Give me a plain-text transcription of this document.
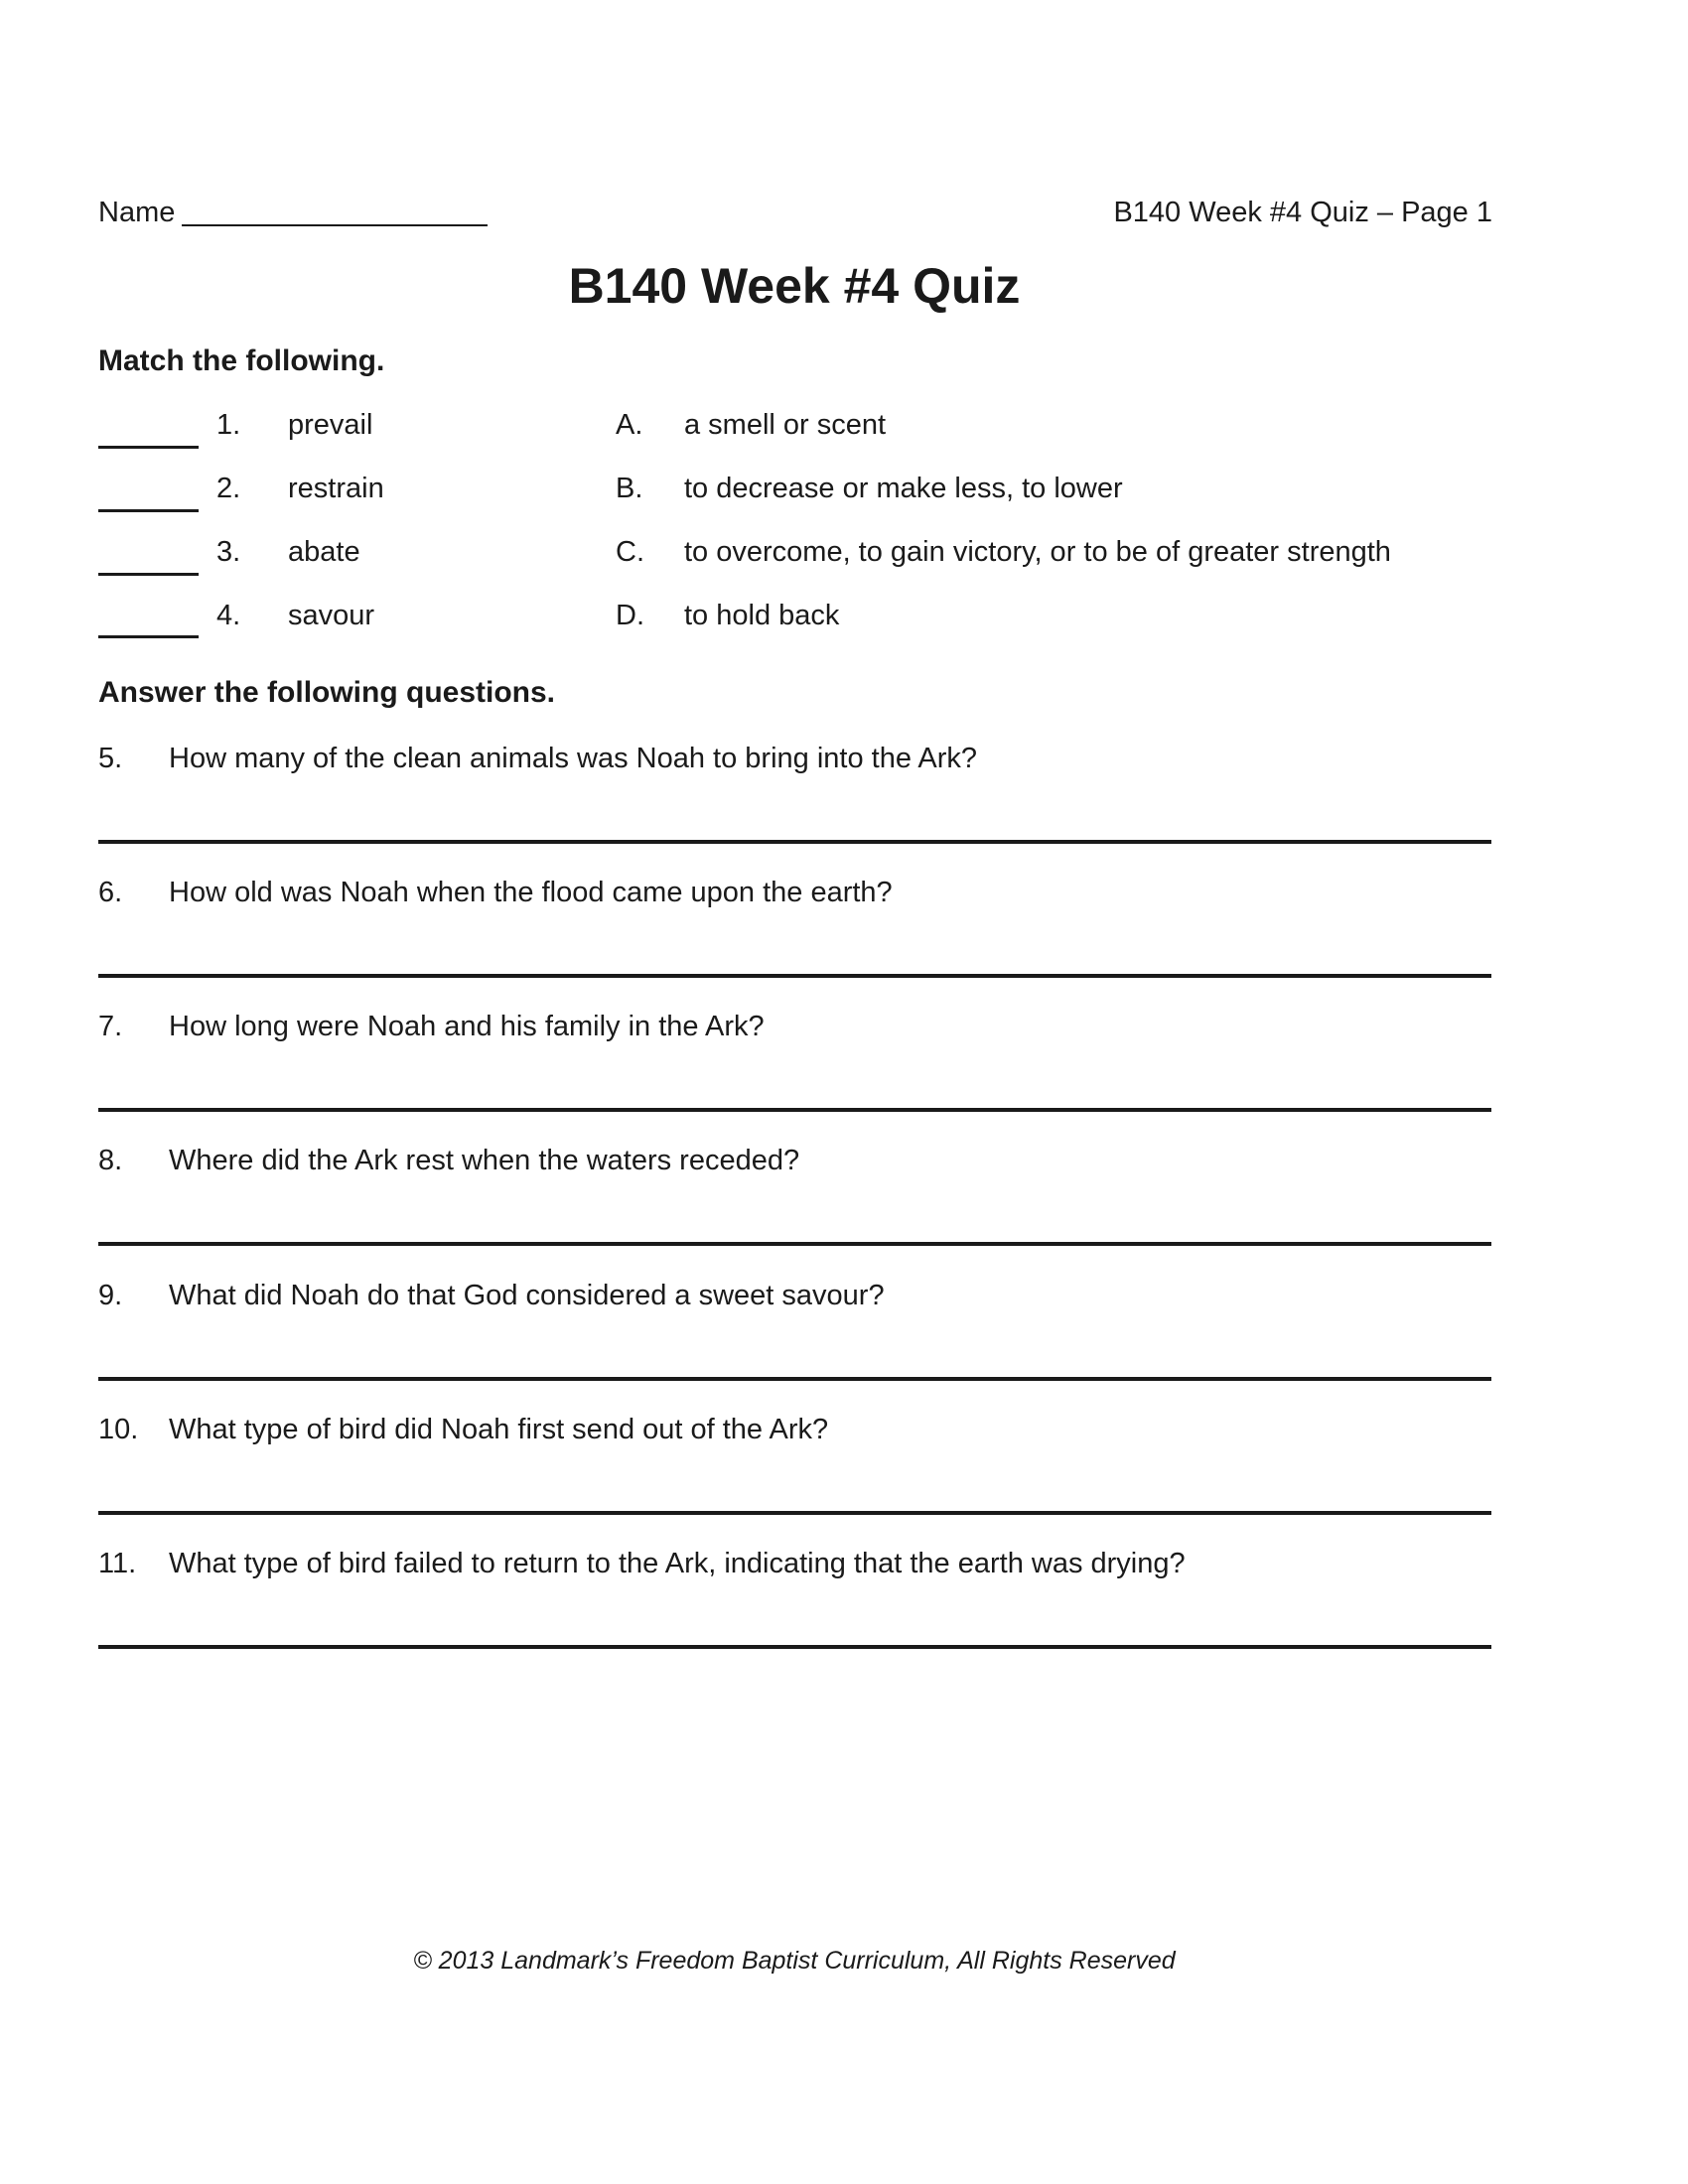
Name	B140 Week #4 Quiz – Page 1
B140 Week #4 Quiz
Match the following.
1. prevail	A. a smell or scent
2. restrain	B. to decrease or make less, to lower
3. abate	C. to overcome, to gain victory, or to be of greater strength
4. savour	D. to hold back
Answer the following questions.
5. How many of the clean animals was Noah to bring into the Ark?
6. How old was Noah when the flood came upon the earth?
7. How long were Noah and his family in the Ark?
8. Where did the Ark rest when the waters receded?
9. What did Noah do that God considered a sweet savour?
10. What type of bird did Noah first send out of the Ark?
11. What type of bird failed to return to the Ark, indicating that the earth was drying?
© 2013 Landmark’s Freedom Baptist Curriculum, All Rights Reserved
